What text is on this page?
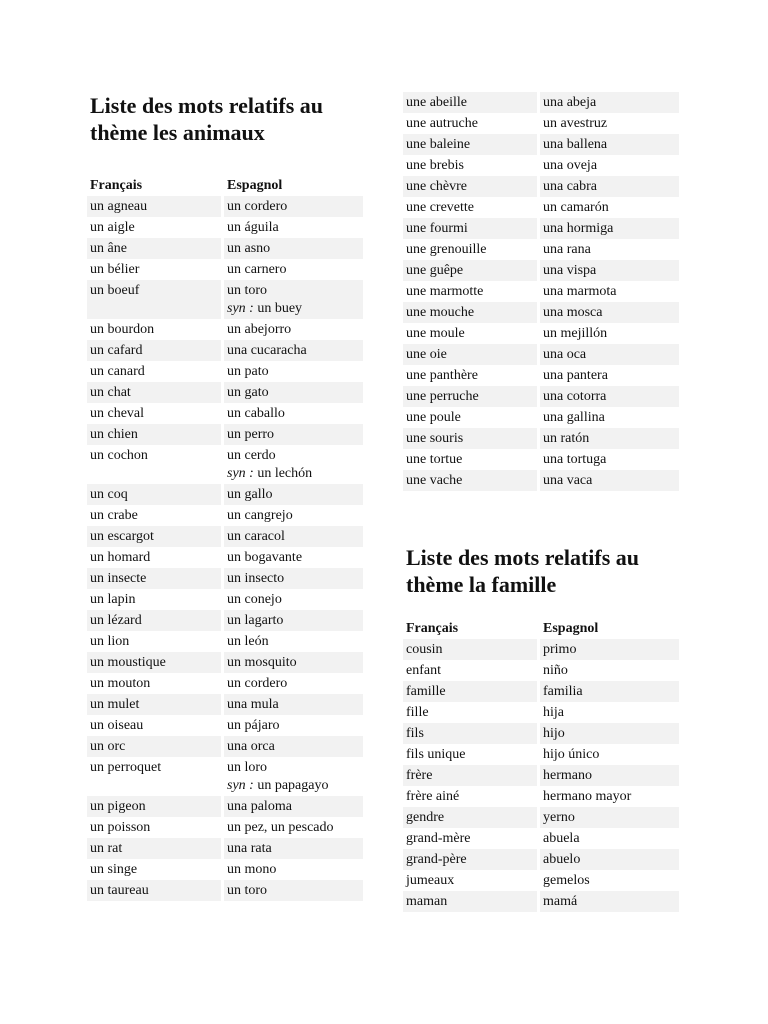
Liste des mots relatifs au
thème les animaux
Français	Espagnol
un agneau	un cordero
un aigle	un águila
un âne	un asno
un bélier	un carnero
un boeuf	un toro
syn : un buey

un bourdon	un abejorro
un cafard	una cucaracha
un canard	un pato
un chat	un gato
un cheval	un caballo
un chien	un perro
un cochon	un cerdo
syn : un lechón

un coq	un gallo
un crabe	un cangrejo
un escargot	un caracol
un homard	un bogavante
un insecte	un insecto
un lapin	un conejo
un lézard	un lagarto
un lion	un león
un moustique	un mosquito
un mouton	un cordero
un mulet	una mula
un oiseau	un pájaro
un orc	una orca
un perroquet	un loro
syn : un papagayo

un pigeon	una paloma
un poisson	un pez, un pescado
un rat	una rata
un singe	un mono
un taureau	un toro
une abeille	una abeja
une autruche	un avestruz
une baleine	una ballena
une brebis	una oveja
une chèvre	una cabra
une crevette	un camarón
une fourmi	una hormiga
une grenouille	una rana
une guêpe	una vispa
une marmotte	una marmota
une mouche	una mosca
une moule	un mejillón
une oie	una oca
une panthère	una pantera
une perruche	una cotorra
une poule	una gallina
une souris	un ratón
une tortue	una tortuga
une vache	una vaca
Liste des mots relatifs au
thème la famille
Français	Espagnol
cousin	primo
enfant	niño
famille	familia
fille	hija
fils	hijo
fils unique	hijo único
frère	hermano
frère ainé	hermano mayor
gendre	yerno
grand-mère	abuela
grand-père	abuelo
jumeaux	gemelos
maman	mamá
